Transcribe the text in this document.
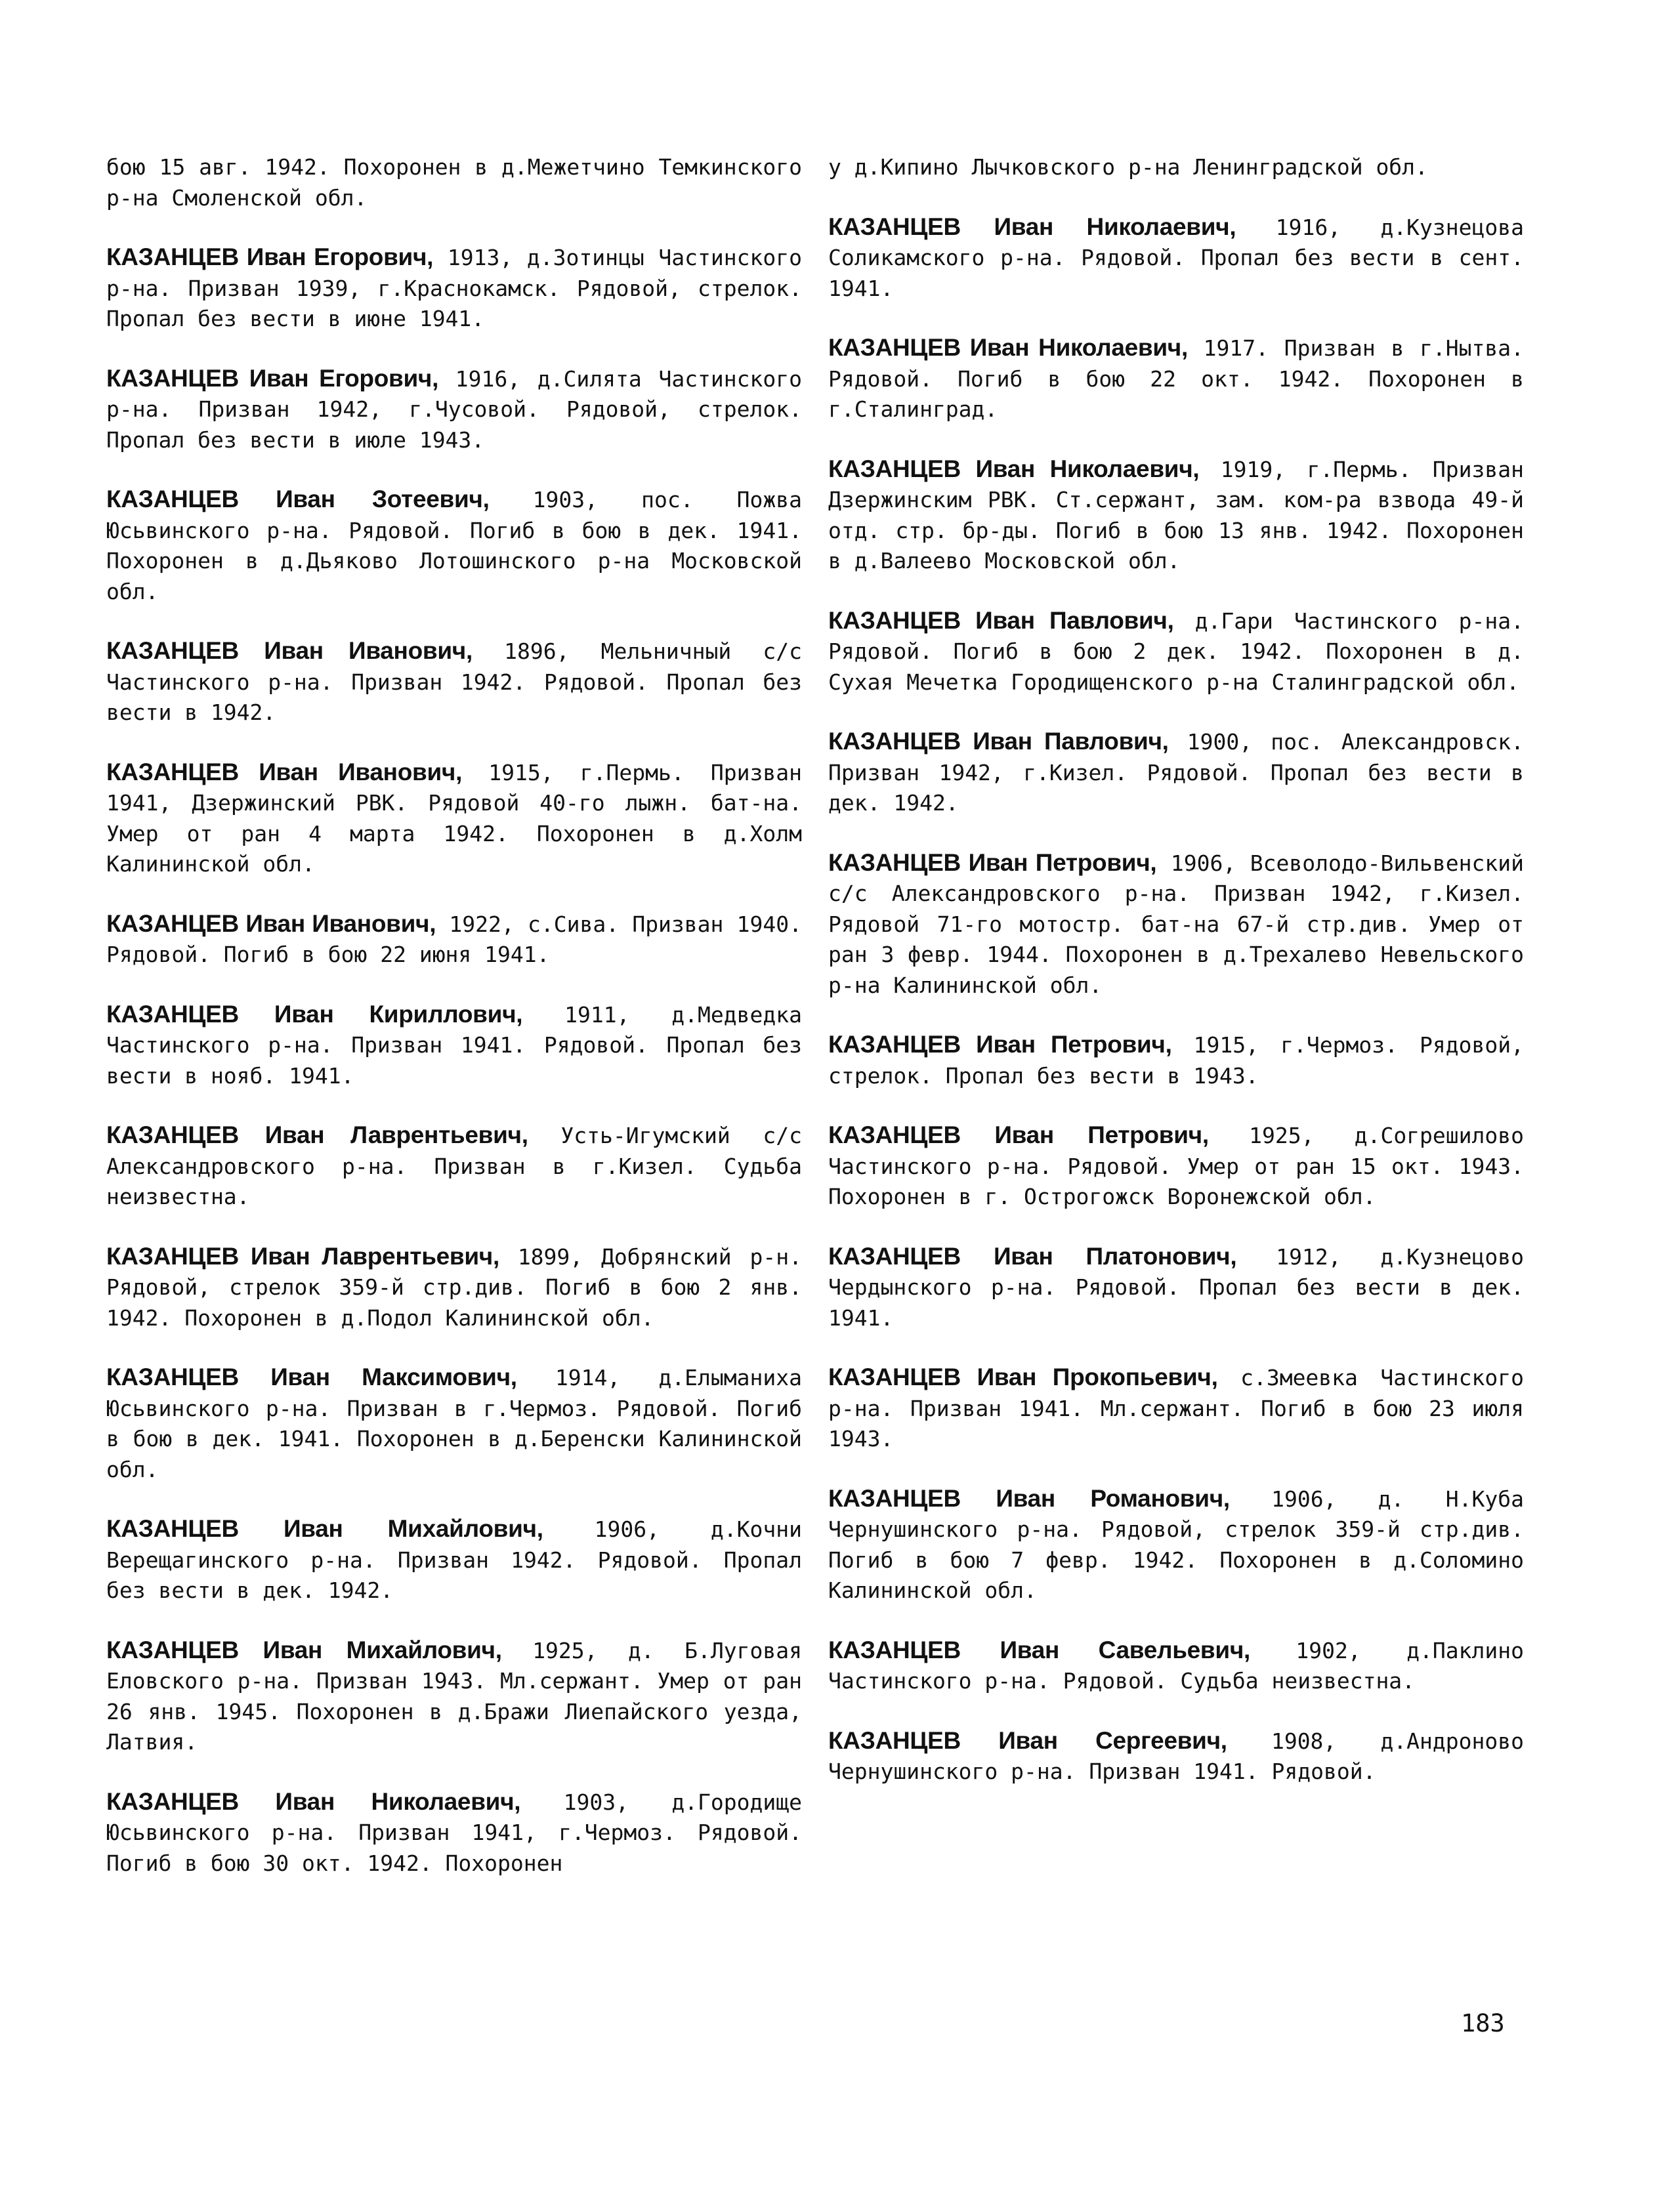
бою 15 авг. 1942. Похоронен в д.Межетчино Темкинского р-на Смоленской обл.

КАЗАНЦЕВ Иван Егорович, 1913, д.Зотинцы Частинского р-на. Призван 1939, г.Краснокамск. Рядовой, стрелок. Пропал без вести в июне 1941.

КАЗАНЦЕВ Иван Егорович, 1916, д.Силята Частинского р-на. Призван 1942, г.Чусовой. Рядовой, стрелок. Пропал без вести в июле 1943.

КАЗАНЦЕВ Иван Зотеевич, 1903, пос. Пожва Юсьвинского р-на. Рядовой. Погиб в бою в дек. 1941. Похоронен в д.Дьяково Лотошинского р-на Московской обл.

КАЗАНЦЕВ Иван Иванович, 1896, Мельничный с/с Частинского р-на. Призван 1942. Рядовой. Пропал без вести в 1942.

КАЗАНЦЕВ Иван Иванович, 1915, г.Пермь. Призван 1941, Дзержинский РВК. Рядовой 40-го лыжн. бат-на. Умер от ран 4 марта 1942. Похоронен в д.Холм Калининской обл.

КАЗАНЦЕВ Иван Иванович, 1922, с.Сива. Призван 1940. Рядовой. Погиб в бою 22 июня 1941.

КАЗАНЦЕВ Иван Кириллович, 1911, д.Медведка Частинского р-на. Призван 1941. Рядовой. Пропал без вести в нояб. 1941.

КАЗАНЦЕВ Иван Лаврентьевич, Усть-Игумский с/с Александровского р-на. Призван в г.Кизел. Судьба неизвестна.

КАЗАНЦЕВ Иван Лаврентьевич, 1899, Добрянский р-н. Рядовой, стрелок 359-й стр.див. Погиб в бою 2 янв. 1942. Похоронен в д.Подол Калининской обл.

КАЗАНЦЕВ Иван Максимович, 1914, д.Елыманиха Юсьвинского р-на. Призван в г.Чермоз. Рядовой. Погиб в бою в дек. 1941. Похоронен в д.Беренски Калининской обл.

КАЗАНЦЕВ Иван Михайлович, 1906, д.Кочни Верещагинского р-на. Призван 1942. Рядовой. Пропал без вести в дек. 1942.

КАЗАНЦЕВ Иван Михайлович, 1925, д. Б.Луговая Еловского р-на. Призван 1943. Мл.сержант. Умер от ран 26 янв. 1945. Похоронен в д.Бражи Лиепайского уезда, Латвия.

КАЗАНЦЕВ Иван Николаевич, 1903, д.Городище Юсьвинского р-на. Призван 1941, г.Чермоз. Рядовой. Погиб в бою 30 окт. 1942. Похоронен

у д.Кипино Лычковского р-на Ленинградской обл.

КАЗАНЦЕВ Иван Николаевич, 1916, д.Кузнецова Соликамского р-на. Рядовой. Пропал без вести в сент. 1941.

КАЗАНЦЕВ Иван Николаевич, 1917. Призван в г.Нытва. Рядовой. Погиб в бою 22 окт. 1942. Похоронен в г.Сталинград.

КАЗАНЦЕВ Иван Николаевич, 1919, г.Пермь. Призван Дзержинским РВК. Ст.сержант, зам. ком-ра взвода 49-й отд. стр. бр-ды. Погиб в бою 13 янв. 1942. Похоронен в д.Валеево Московской обл.

КАЗАНЦЕВ Иван Павлович, д.Гари Частинского р-на. Рядовой. Погиб в бою 2 дек. 1942. Похоронен в д. Сухая Мечетка Городищенского р-на Сталинградской обл.

КАЗАНЦЕВ Иван Павлович, 1900, пос. Александровск. Призван 1942, г.Кизел. Рядовой. Пропал без вести в дек. 1942.

КАЗАНЦЕВ Иван Петрович, 1906, Всеволодо-Вильвенский с/с Александровского р-на. Призван 1942, г.Кизел. Рядовой 71-го мотостр. бат-на 67-й стр.див. Умер от ран 3 февр. 1944. Похоронен в д.Трехалево Невельского р-на Калининской обл.

КАЗАНЦЕВ Иван Петрович, 1915, г.Чермоз. Рядовой, стрелок. Пропал без вести в 1943.

КАЗАНЦЕВ Иван Петрович, 1925, д.Согрешилово Частинского р-на. Рядовой. Умер от ран 15 окт. 1943. Похоронен в г. Острогожск Воронежской обл.

КАЗАНЦЕВ Иван Платонович, 1912, д.Кузнецово Чердынского р-на. Рядовой. Пропал без вести в дек. 1941.

КАЗАНЦЕВ Иван Прокопьевич, с.Змеевка Частинского р-на. Призван 1941. Мл.сержант. Погиб в бою 23 июля 1943.

КАЗАНЦЕВ Иван Романович, 1906, д. Н.Куба Чернушинского р-на. Рядовой, стрелок 359-й стр.див. Погиб в бою 7 февр. 1942. Похоронен в д.Соломино Калининской обл.

КАЗАНЦЕВ Иван Савельевич, 1902, д.Паклино Частинского р-на. Рядовой. Судьба неизвестна.

КАЗАНЦЕВ Иван Сергеевич, 1908, д.Андроново Чернушинского р-на. Призван 1941. Рядовой.

183
